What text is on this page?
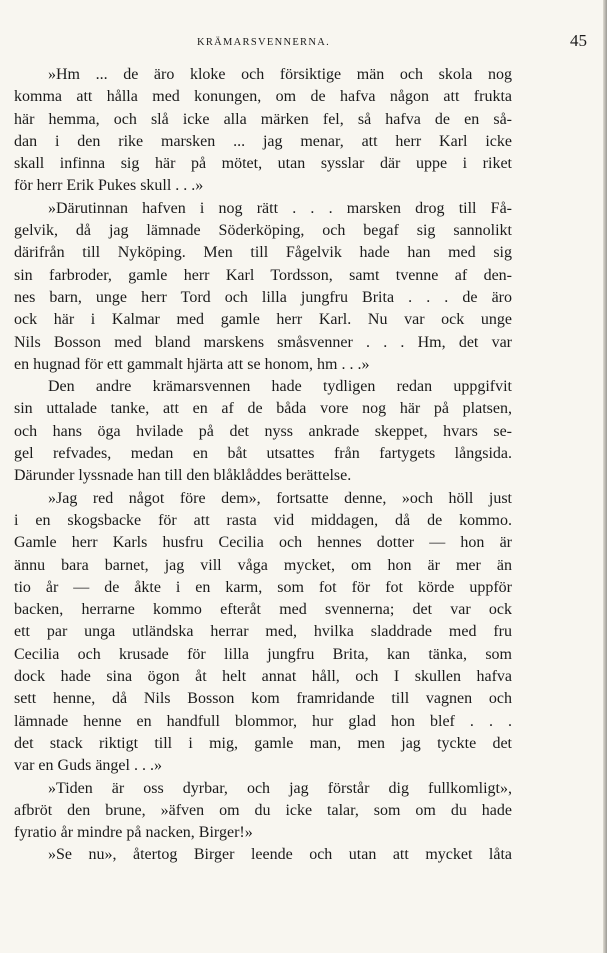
KRÄMARSVENNERNA.	45
»Hm ... de äro kloke och försiktige män och skola nog
komma att hålla med konungen, om de hafva någon att frukta
här hemma, och slå icke alla märken fel, så hafva de en så-
dan i den rike marsken ... jag menar, att herr Karl icke
skall infinna sig här på mötet, utan sysslar där uppe i riket
för herr Erik Pukes skull . . .»
»Därutinnan hafven i nog rätt . . . marsken drog till Få-
gelvik, då jag lämnade Söderköping, och begaf sig sannolikt
därifrån till Nyköping. Men till Fågelvik hade han med sig
sin farbroder, gamle herr Karl Tordsson, samt tvenne af den-
nes barn, unge herr Tord och lilla jungfru Brita . . . de äro
ock här i Kalmar med gamle herr Karl. Nu var ock unge
Nils Bosson med bland marskens småsvenner . . . Hm, det var
en hugnad för ett gammalt hjärta att se honom, hm . . .»
Den andre krämarsvennen hade tydligen redan uppgifvit
sin uttalade tanke, att en af de båda vore nog här på platsen,
och hans öga hvilade på det nyss ankrade skeppet, hvars se-
gel refvades, medan en båt utsattes från fartygets långsida.
Därunder lyssnade han till den blåklåddes berättelse.
»Jag red något före dem», fortsatte denne, »och höll just
i en skogsbacke för att rasta vid middagen, då de kommo.
Gamle herr Karls husfru Cecilia och hennes dotter — hon är
ännu bara barnet, jag vill våga mycket, om hon är mer än
tio år — de åkte i en karm, som fot för fot körde uppför
backen, herrarne kommo efteråt med svennerna; det var ock
ett par unga utländska herrar med, hvilka sladdrade med fru
Cecilia och krusade för lilla jungfru Brita, kan tänka, som
dock hade sina ögon åt helt annat håll, och I skullen hafva
sett henne, då Nils Bosson kom framridande till vagnen och
lämnade henne en handfull blommor, hur glad hon blef . . .
det stack riktigt till i mig, gamle man, men jag tyckte det
var en Guds ängel . . .»
»Tiden är oss dyrbar, och jag förstår dig fullkomligt»,
afbröt den brune, »äfven om du icke talar, som om du hade
fyratio år mindre på nacken, Birger!»
»Se nu», återtog Birger leende och utan att mycket låta
